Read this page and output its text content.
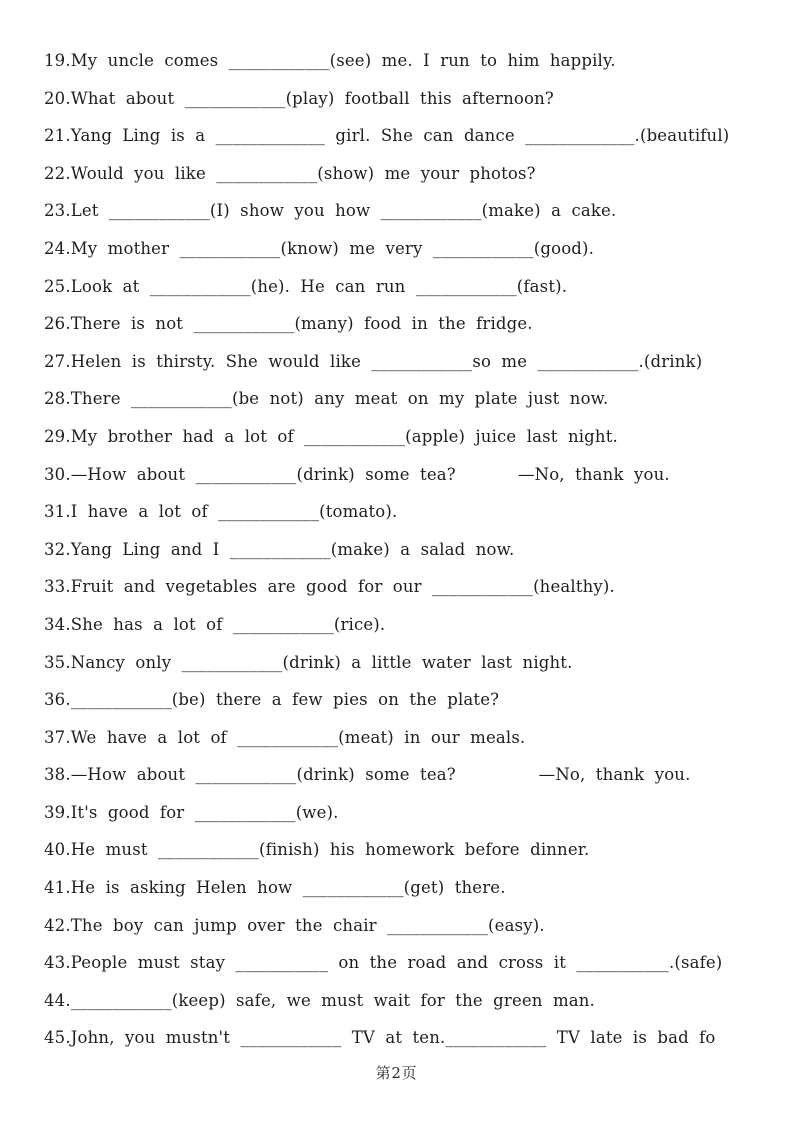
19.My uncle comes ____________(see) me. I run to him happily.

20.What about ____________(play) football this afternoon?

21.Yang Ling is a _____________ girl. She can dance _____________.(beautiful)

22.Would you like ____________(show) me your photos?

23.Let ____________(I) show you how ____________(make) a cake.

24.My mother ____________(know) me very ____________(good).

25.Look at ____________(he). He can run ____________(fast).

26.There is not ____________(many) food in the fridge.

27.Helen is thirsty. She would like ____________so me ____________.(drink)

28.There ____________(be not) any meat on my plate just now.

29.My brother had a lot of ____________(apple) juice last night.

30.—How about ____________(drink) some tea?      —No, thank you.

31.I have a lot of ____________(tomato).

32.Yang Ling and I ____________(make) a salad now.

33.Fruit and vegetables are good for our ____________(healthy).

34.She has a lot of ____________(rice).

35.Nancy only ____________(drink) a little water last night.

36.____________(be) there a few pies on the plate?

37.We have a lot of ____________(meat) in our meals.

38.—How about ____________(drink) some tea?        —No, thank you.

39.It's good for ____________(we).

40.He must ____________(finish) his homework before dinner.

41.He is asking Helen how ____________(get) there.

42.The boy can jump over the chair ____________(easy).

43.People must stay ___________ on the road and cross it ___________.(safe)

44.____________(keep) safe, we must wait for the green man.

45.John, you mustn't ____________ TV at ten.____________ TV late is bad fo

第2页
